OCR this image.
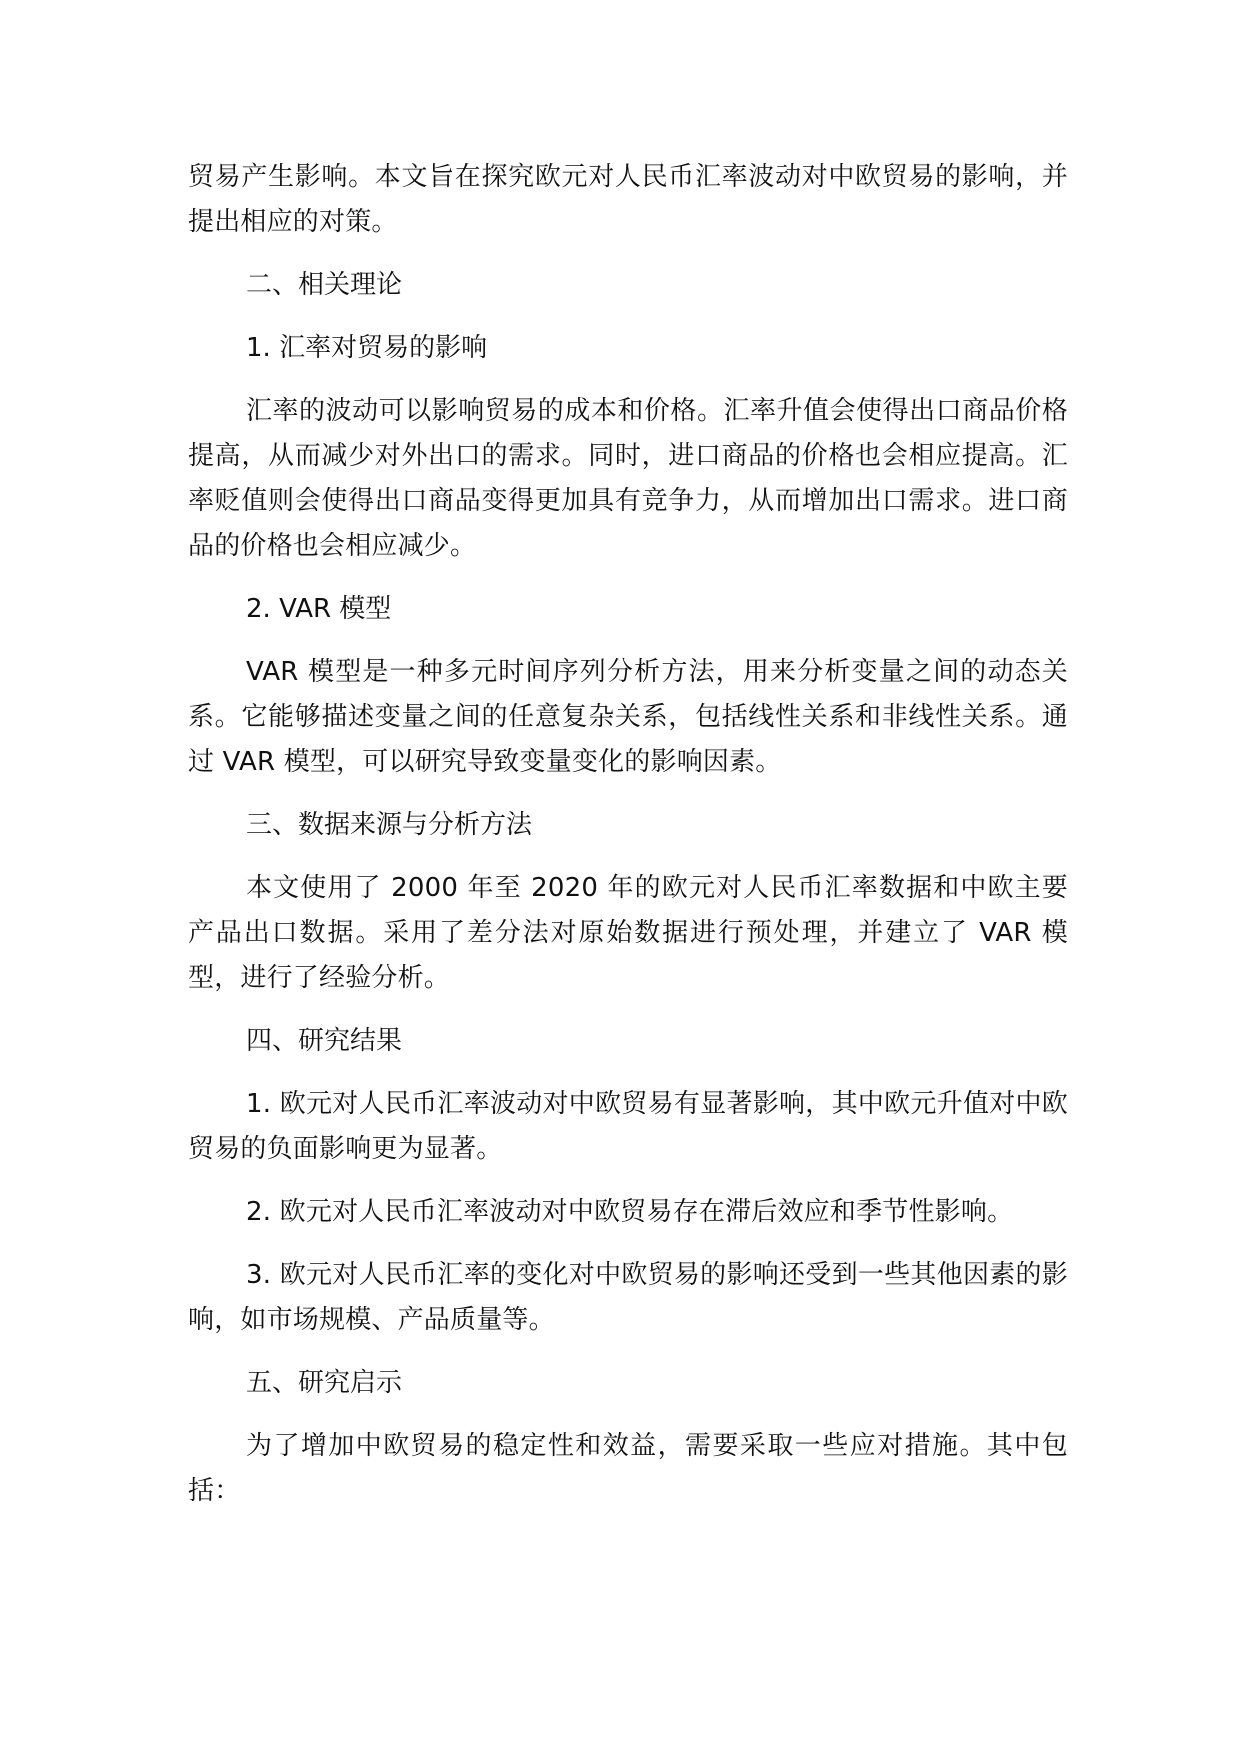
贸易产生影响。本文旨在探究欧元对人民币汇率波动对中欧贸易的影响，并提出相应的对策。

二、相关理论

1. 汇率对贸易的影响

汇率的波动可以影响贸易的成本和价格。汇率升值会使得出口商品价格提高，从而减少对外出口的需求。同时，进口商品的价格也会相应提高。汇率贬值则会使得出口商品变得更加具有竞争力，从而增加出口需求。进口商品的价格也会相应减少。

2. VAR 模型

VAR 模型是一种多元时间序列分析方法，用来分析变量之间的动态关系。它能够描述变量之间的任意复杂关系，包括线性关系和非线性关系。通过 VAR 模型，可以研究导致变量变化的影响因素。

三、数据来源与分析方法

本文使用了 2000 年至 2020 年的欧元对人民币汇率数据和中欧主要产品出口数据。采用了差分法对原始数据进行预处理，并建立了 VAR 模型，进行了经验分析。

四、研究结果

1. 欧元对人民币汇率波动对中欧贸易有显著影响，其中欧元升值对中欧贸易的负面影响更为显著。

2. 欧元对人民币汇率波动对中欧贸易存在滞后效应和季节性影响。

3. 欧元对人民币汇率的变化对中欧贸易的影响还受到一些其他因素的影响，如市场规模、产品质量等。

五、研究启示

为了增加中欧贸易的稳定性和效益，需要采取一些应对措施。其中包括：
